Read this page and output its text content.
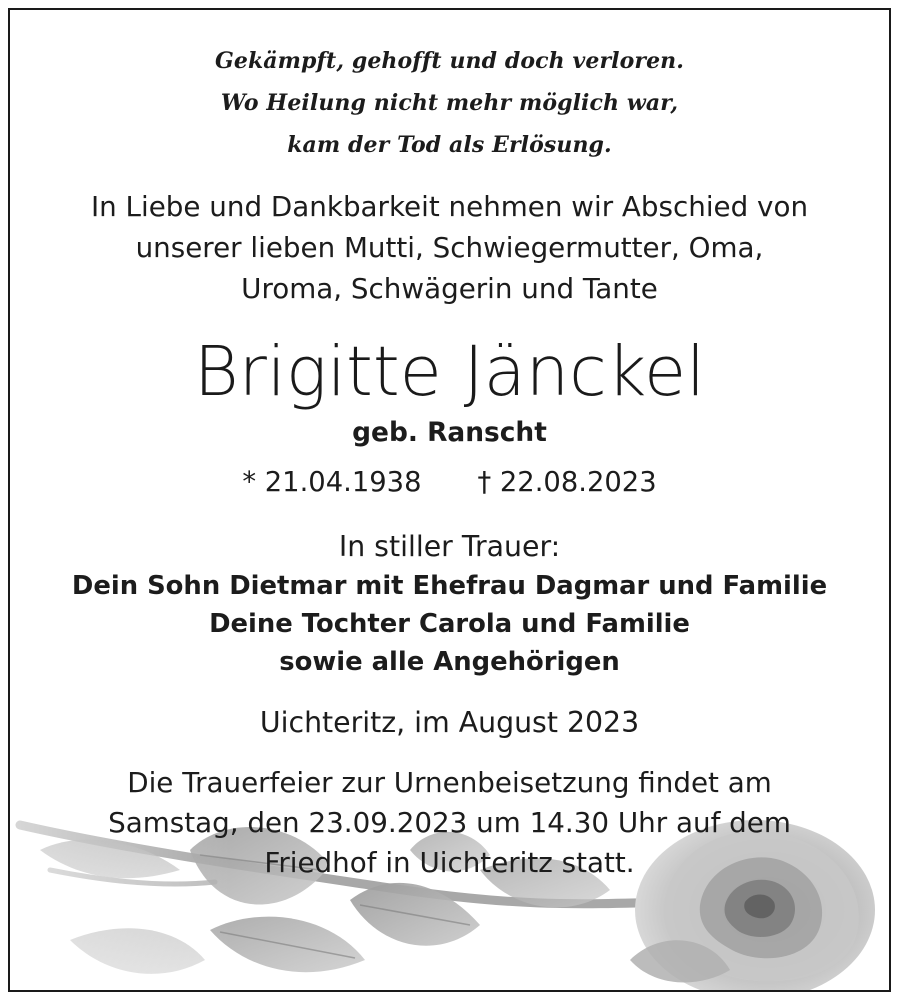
Gekämpft, gehofft und doch verloren.
Wo Heilung nicht mehr möglich war,
kam der Tod als Erlösung.
In Liebe und Dankbarkeit nehmen wir Abschied von
unserer lieben Mutti, Schwiegermutter, Oma,
Uroma, Schwägerin und Tante
Brigitte Jänckel
geb. Ranscht
* 21.04.1938 † 22.08.2023
In stiller Trauer:
Dein Sohn Dietmar mit Ehefrau Dagmar und Familie
Deine Tochter Carola und Familie
sowie alle Angehörigen
Uichteritz, im August 2023
Die Trauerfeier zur Urnenbeisetzung findet am
Samstag, den 23.09.2023 um 14.30 Uhr auf dem
Friedhof in Uichteritz statt.
